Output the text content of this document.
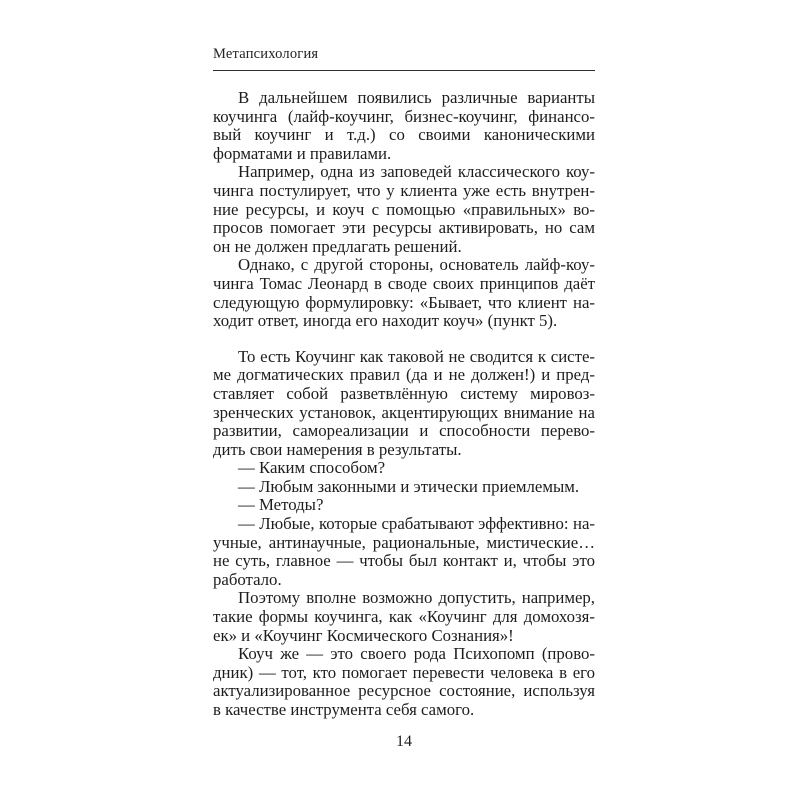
Метапсихология

В дальнейшем появились различные варианты коучинга (лайф-коучинг, бизнес-коучинг, финансовый коучинг и т.д.) со своими каноническими форматами и правилами.

Например, одна из заповедей классического коучинга постулирует, что у клиента уже есть внутренние ресурсы, и коуч с помощью «правильных» вопросов помогает эти ресурсы активировать, но сам он не должен предлагать решений.

Однако, с другой стороны, основатель лайф-коучинга Томас Леонард в своде своих принципов даёт следующую формулировку: «Бывает, что клиент находит ответ, иногда его находит коуч» (пункт 5).

То есть Коучинг как таковой не сводится к системе догматических правил (да и не должен!) и представляет собой разветвлённую систему мировоззренческих установок, акцентирующих внимание на развитии, самореализации и способности переводить свои намерения в результаты.

— Каким способом?

— Любым законными и этически приемлемым.

— Методы?

— Любые, которые срабатывают эффективно: научные, антинаучные, рациональные, мистические… не суть, главное — чтобы был контакт и, чтобы это работало.

Поэтому вполне возможно допустить, например, такие формы коучинга, как «Коучинг для домохозяек» и «Коучинг Космического Сознания»!

Коуч же — это своего рода Психопомп (проводник) — тот, кто помогает перевести человека в его актуализированное ресурсное состояние, используя в качестве инструмента себя самого.

14
